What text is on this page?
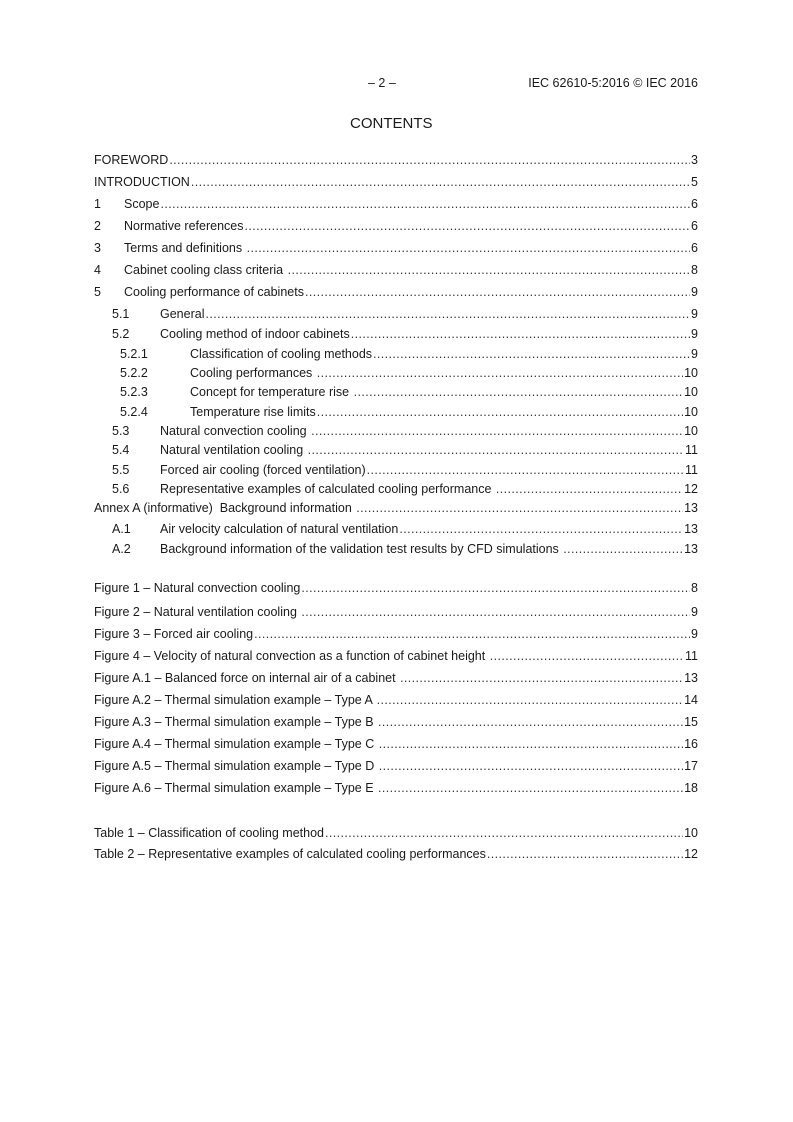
– 2 –	IEC 62610-5:2016 © IEC 2016
CONTENTS
FOREWORD .....	3
INTRODUCTION .....	5
1	Scope .....	6
2	Normative references .....	6
3	Terms and definitions .....	6
4	Cabinet cooling class criteria .....	8
5	Cooling performance of cabinets .....	9
5.1	General .....	9
5.2	Cooling method of indoor cabinets .....	9
5.2.1	Classification of cooling methods .....	9
5.2.2	Cooling performances .....	10
5.2.3	Concept for temperature rise .....	10
5.2.4	Temperature rise limits .....	10
5.3	Natural convection cooling .....	10
5.4	Natural ventilation cooling .....	11
5.5	Forced air cooling (forced ventilation) .....	11
5.6	Representative examples of calculated cooling performance .....	12
Annex A (informative)  Background information .....	13
A.1	Air velocity calculation of natural ventilation .....	13
A.2	Background information of the validation test results by CFD simulations .....	13
Figure 1 – Natural convection cooling .....	8
Figure 2 – Natural ventilation cooling .....	9
Figure 3 – Forced air cooling .....	9
Figure 4 – Velocity of natural convection as a function of cabinet height .....	11
Figure A.1 – Balanced force on internal air of a cabinet .....	13
Figure A.2 – Thermal simulation example – Type A .....	14
Figure A.3 – Thermal simulation example – Type B .....	15
Figure A.4 – Thermal simulation example – Type C .....	16
Figure A.5 – Thermal simulation example – Type D .....	17
Figure A.6 – Thermal simulation example – Type E .....	18
Table 1 – Classification of cooling method .....	10
Table 2 – Representative examples of calculated cooling performances .....	12
